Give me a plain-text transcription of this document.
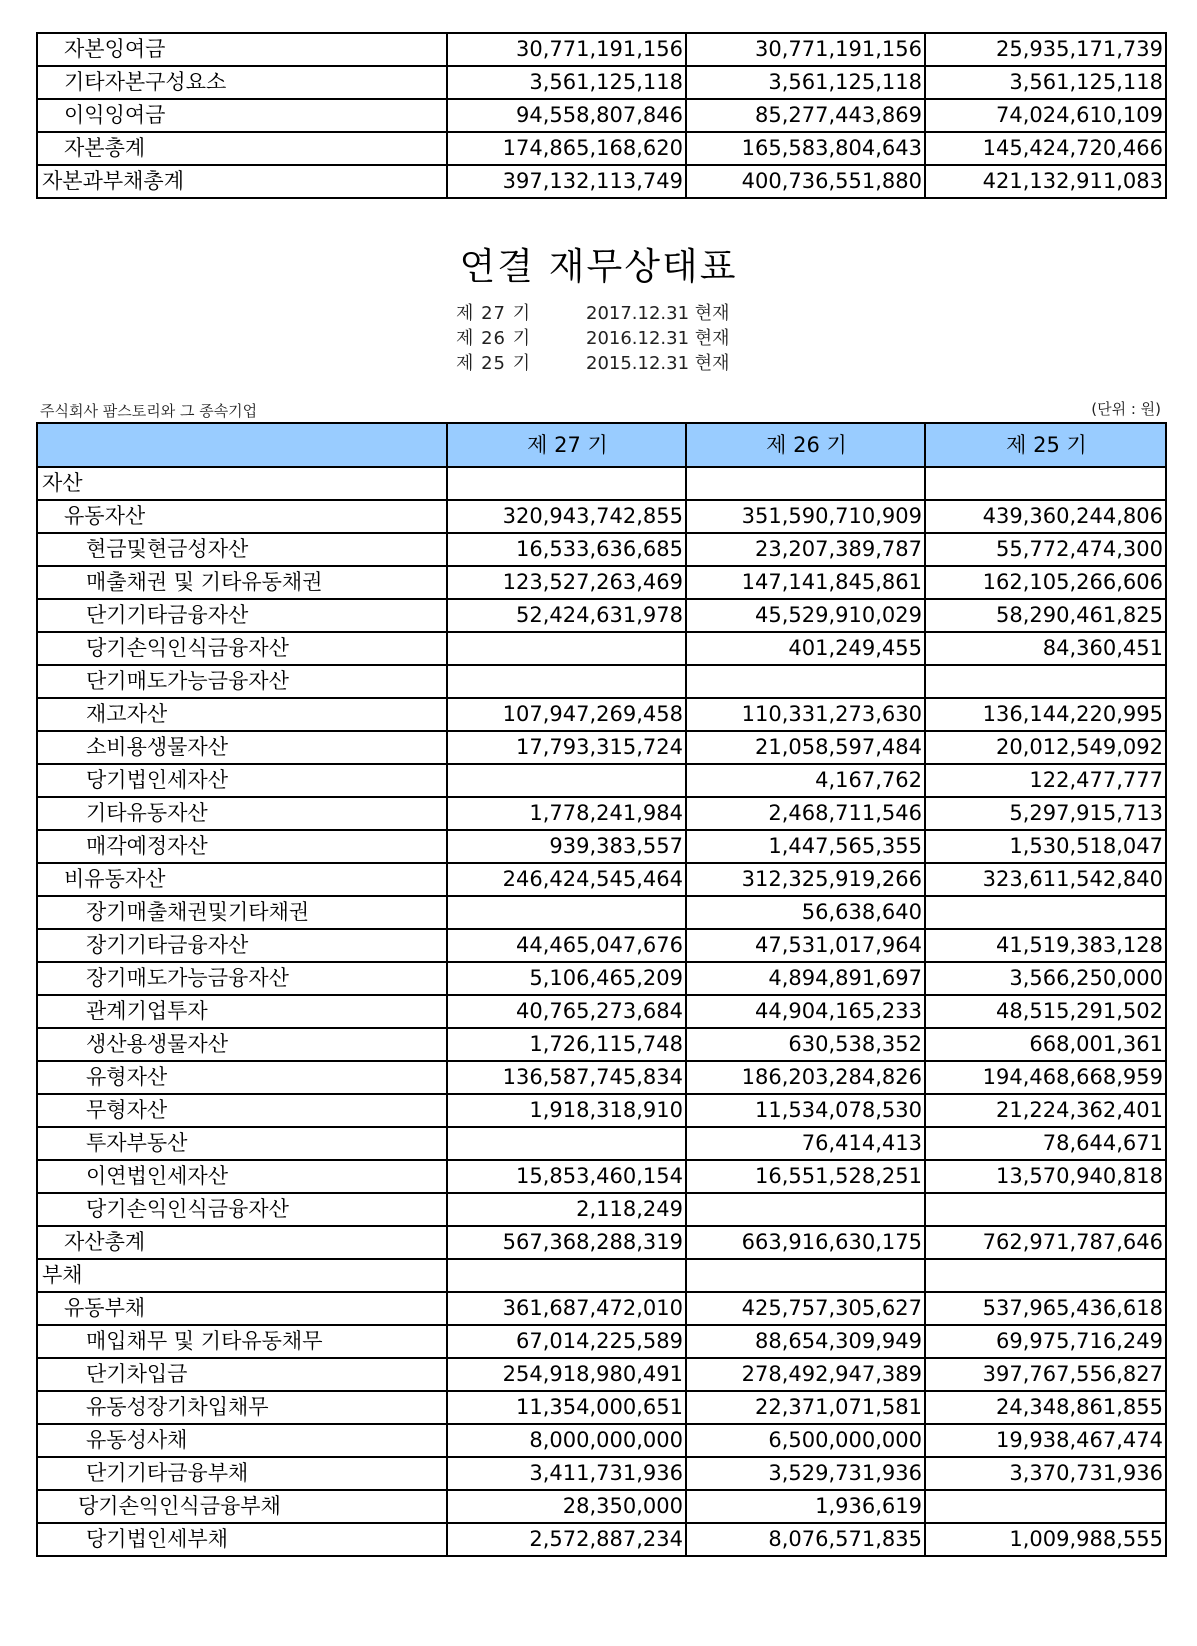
자본잉여금	30,771,191,156	30,771,191,156	25,935,171,739
기타자본구성요소	3,561,125,118	3,561,125,118	3,561,125,118
이익잉여금	94,558,807,846	85,277,443,869	74,024,610,109
자본총계	174,865,168,620	165,583,804,643	145,424,720,466
자본과부채총계	397,132,113,749	400,736,551,880	421,132,911,083
연결 재무상태표
제 27 기	2017.12.31 현재
제 26 기	2016.12.31 현재
제 25 기	2015.12.31 현재
주식회사 팜스토리와 그 종속기업	(단위 : 원)
	제 27 기	제 26 기	제 25 기
자산			
유동자산	320,943,742,855	351,590,710,909	439,360,244,806
현금및현금성자산	16,533,636,685	23,207,389,787	55,772,474,300
매출채권 및 기타유동채권	123,527,263,469	147,141,845,861	162,105,266,606
단기기타금융자산	52,424,631,978	45,529,910,029	58,290,461,825
당기손익인식금융자산		401,249,455	84,360,451
단기매도가능금융자산			
재고자산	107,947,269,458	110,331,273,630	136,144,220,995
소비용생물자산	17,793,315,724	21,058,597,484	20,012,549,092
당기법인세자산		4,167,762	122,477,777
기타유동자산	1,778,241,984	2,468,711,546	5,297,915,713
매각예정자산	939,383,557	1,447,565,355	1,530,518,047
비유동자산	246,424,545,464	312,325,919,266	323,611,542,840
장기매출채권및기타채권		56,638,640	
장기기타금융자산	44,465,047,676	47,531,017,964	41,519,383,128
장기매도가능금융자산	5,106,465,209	4,894,891,697	3,566,250,000
관계기업투자	40,765,273,684	44,904,165,233	48,515,291,502
생산용생물자산	1,726,115,748	630,538,352	668,001,361
유형자산	136,587,745,834	186,203,284,826	194,468,668,959
무형자산	1,918,318,910	11,534,078,530	21,224,362,401
투자부동산		76,414,413	78,644,671
이연법인세자산	15,853,460,154	16,551,528,251	13,570,940,818
당기손익인식금융자산	2,118,249		
자산총계	567,368,288,319	663,916,630,175	762,971,787,646
부채			
유동부채	361,687,472,010	425,757,305,627	537,965,436,618
매입채무 및 기타유동채무	67,014,225,589	88,654,309,949	69,975,716,249
단기차입금	254,918,980,491	278,492,947,389	397,767,556,827
유동성장기차입채무	11,354,000,651	22,371,071,581	24,348,861,855
유동성사채	8,000,000,000	6,500,000,000	19,938,467,474
단기기타금융부채	3,411,731,936	3,529,731,936	3,370,731,936
당기손익인식금융부채	28,350,000	1,936,619	
당기법인세부채	2,572,887,234	8,076,571,835	1,009,988,555
